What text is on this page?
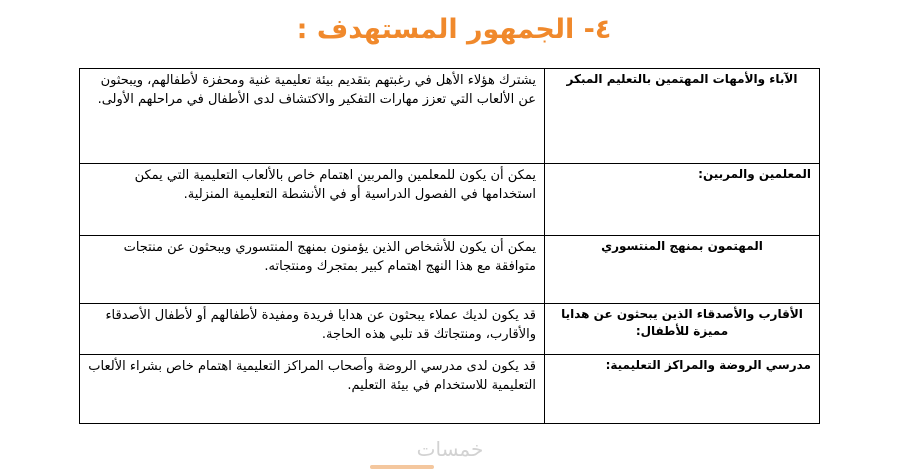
٤- الجمهور المستهدف :
الآباء والأمهات المهتمين بالتعليم المبكر	يشترك هؤلاء الأهل في رغبتهم بتقديم بيئة تعليمية غنية ومحفزة لأطفالهم، ويبحثون عن الألعاب التي تعزز مهارات التفكير والاكتشاف لدى الأطفال في مراحلهم الأولى.
المعلمين والمربين:	يمكن أن يكون للمعلمين والمربين اهتمام خاص بالألعاب التعليمية التي يمكن استخدامها في الفصول الدراسية أو في الأنشطة التعليمية المنزلية.
المهتمون بمنهج المنتسوري	يمكن أن يكون للأشخاص الذين يؤمنون بمنهج المنتسوري ويبحثون عن منتجات متوافقة مع هذا النهج اهتمام كبير بمتجرك ومنتجاته.
الأقارب والأصدقاء الذين يبحثون عن هدايا مميزة للأطفال:	قد يكون لديك عملاء يبحثون عن هدايا فريدة ومفيدة لأطفالهم أو لأطفال الأصدقاء والأقارب، ومنتجاتك قد تلبي هذه الحاجة.
مدرسي الروضة والمراكز التعليمية:	قد يكون لدى مدرسي الروضة وأصحاب المراكز التعليمية اهتمام خاص بشراء الألعاب التعليمية للاستخدام في بيئة التعليم.
خمسات
